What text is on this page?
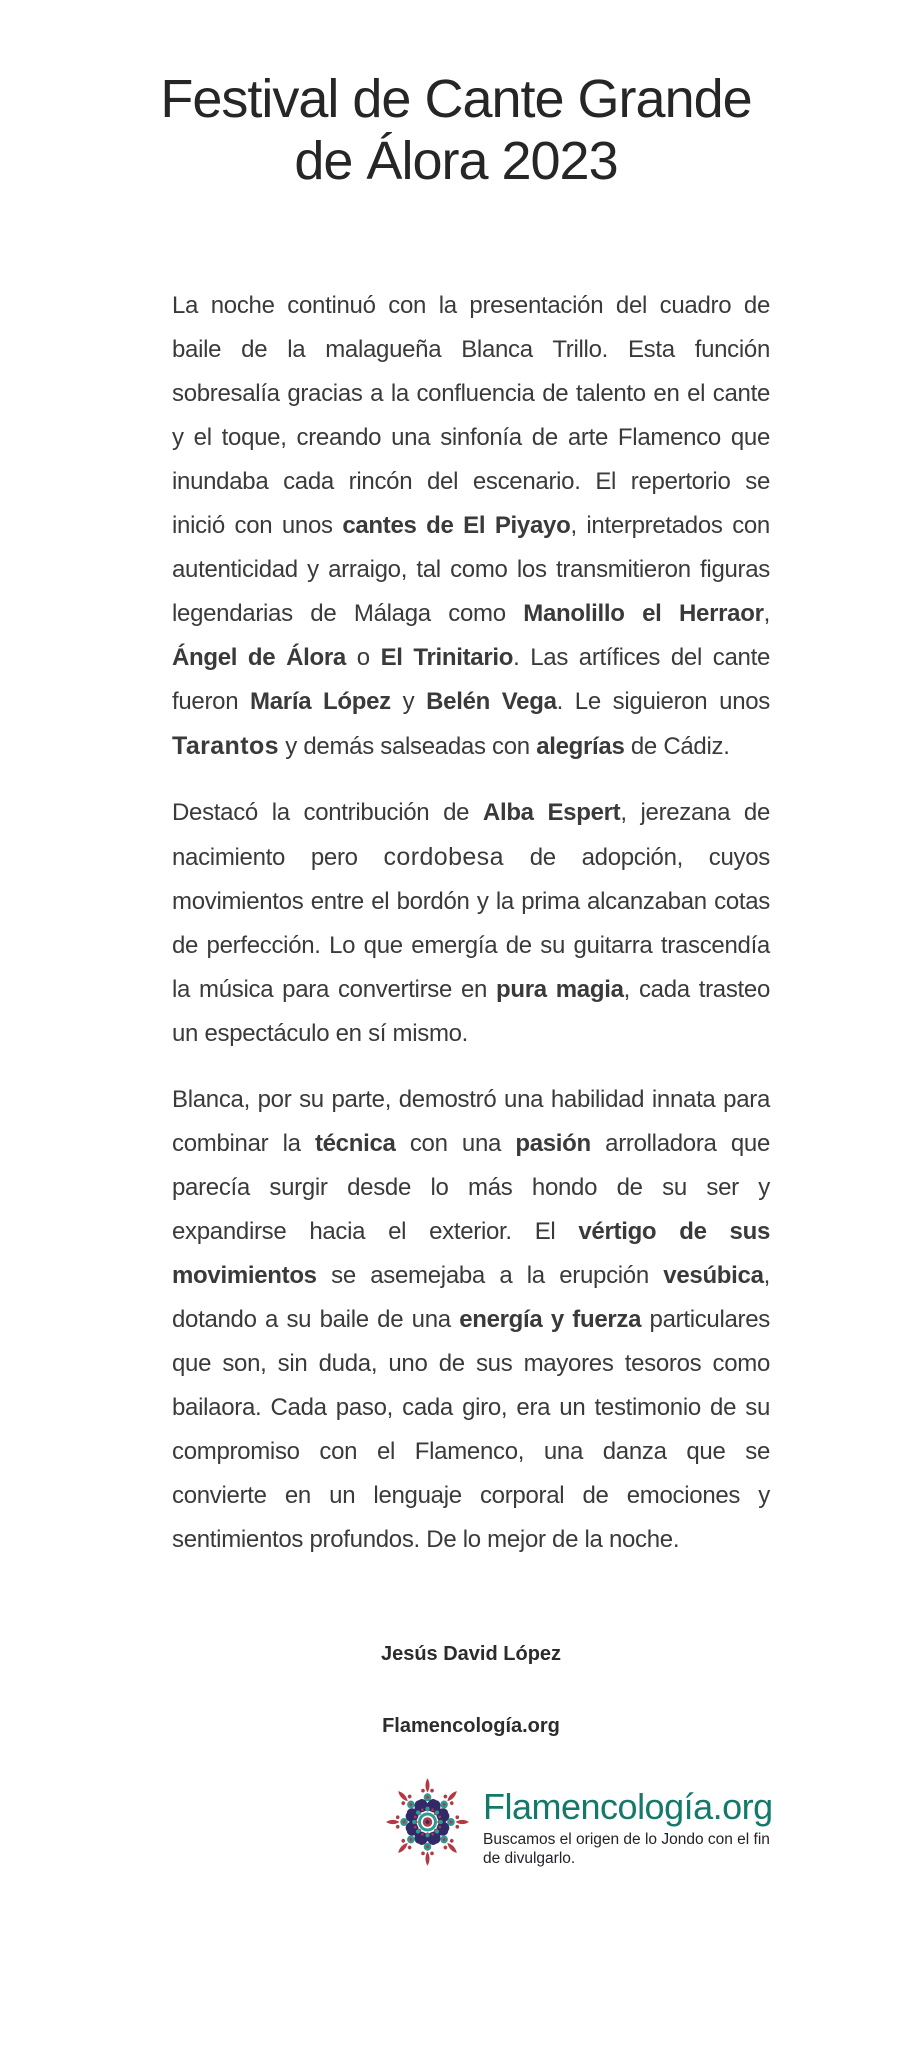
Festival de Cante Grande de Álora 2023

La noche continuó con la presentación del cuadro de baile de la malagueña Blanca Trillo. Esta función sobresalía gracias a la confluencia de talento en el cante y el toque, creando una sinfonía de arte Flamenco que inundaba cada rincón del escenario. El repertorio se inició con unos cantes de El Piyayo, interpretados con autenticidad y arraigo, tal como los transmitieron figuras legendarias de Málaga como Manolillo el Herraor, Ángel de Álora o El Trinitario. Las artífices del cante fueron María López y Belén Vega. Le siguieron unos Tarantos y demás salseadas con alegrías de Cádiz.

Destacó la contribución de Alba Espert, jerezana de nacimiento pero cordobesa de adopción, cuyos movimientos entre el bordón y la prima alcanzaban cotas de perfección. Lo que emergía de su guitarra trascendía la música para convertirse en pura magia, cada trasteo un espectáculo en sí mismo.

Blanca, por su parte, demostró una habilidad innata para combinar la técnica con una pasión arrolladora que parecía surgir desde lo más hondo de su ser y expandirse hacia el exterior. El vértigo de sus movimientos se asemejaba a la erupción vesúbica, dotando a su baile de una energía y fuerza particulares que son, sin duda, uno de sus mayores tesoros como bailaora. Cada paso, cada giro, era un testimonio de su compromiso con el Flamenco, una danza que se convierte en un lenguaje corporal de emociones y sentimientos profundos. De lo mejor de la noche.

Jesús David López
Flamencología.org
Flamencología.org
Buscamos el origen de lo Jondo con el fin de divulgarlo.
